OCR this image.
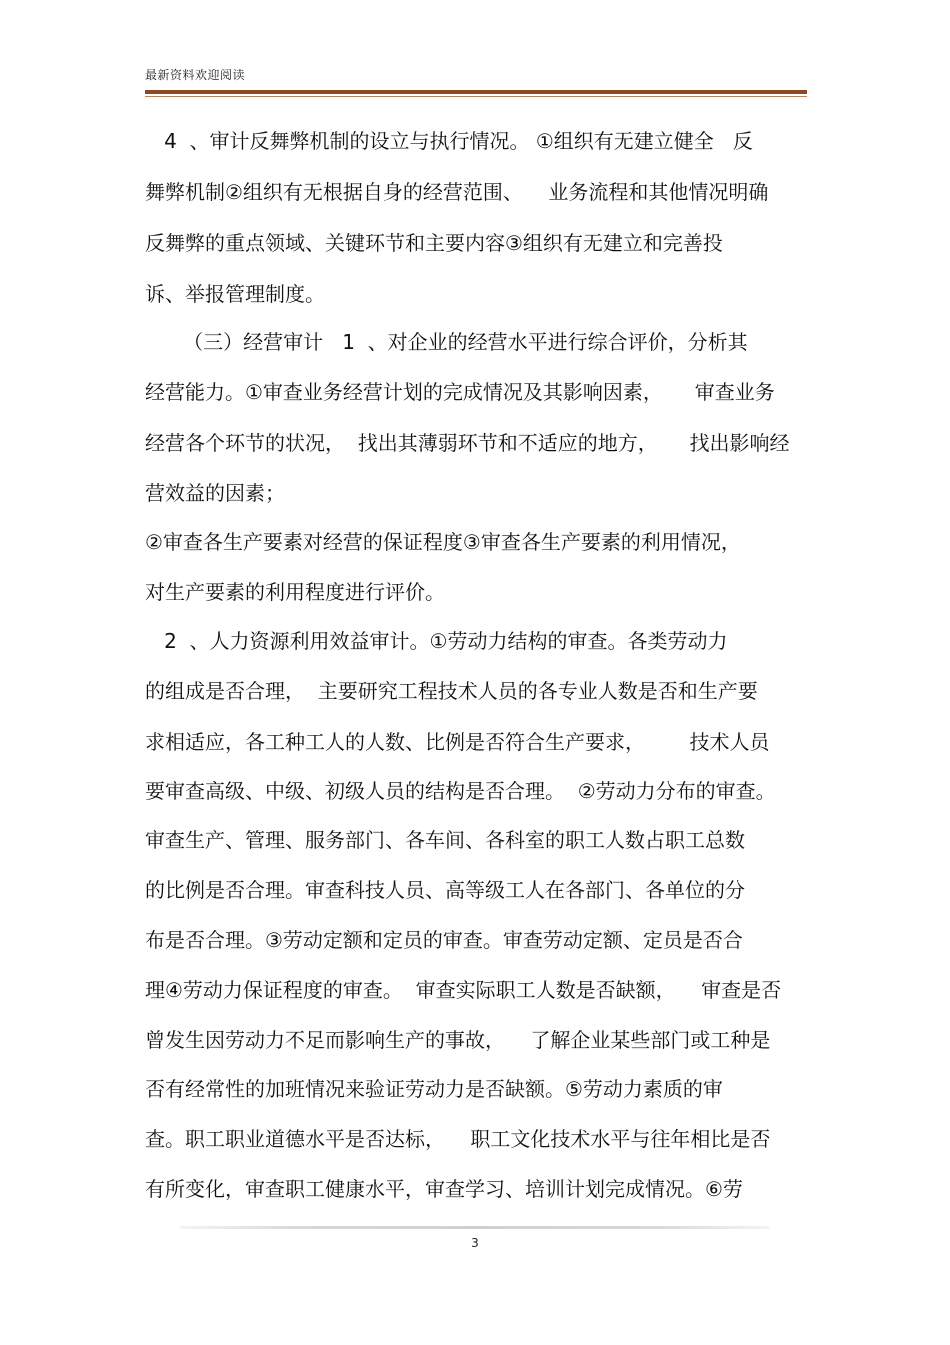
最新资料欢迎阅读
4  、审计反舞弊机制的设立与执行情况。 ①组织有无建立健全   反
舞弊机制②组织有无根据自身的经营范围、    业务流程和其他情况明确
反舞弊的重点领域、关键环节和主要内容③组织有无建立和完善投
诉、举报管理制度。
（三）经营审计   1  、对企业的经营水平进行综合评价，分析其
经营能力。①审查业务经营计划的完成情况及其影响因素，     审查业务
经营各个环节的状况，  找出其薄弱环节和不适应的地方，     找出影响经
营效益的因素；
②审查各生产要素对经营的保证程度③审查各生产要素的利用情况，
对生产要素的利用程度进行评价。
2  、人力资源利用效益审计。①劳动力结构的审查。各类劳动力
的组成是否合理，  主要研究工程技术人员的各专业人数是否和生产要
求相适应，各工种工人的人数、比例是否符合生产要求，       技术人员
要审查高级、中级、初级人员的结构是否合理。  ②劳动力分布的审查。
审查生产、管理、服务部门、各车间、各科室的职工人数占职工总数
的比例是否合理。审查科技人员、高等级工人在各部门、各单位的分
布是否合理。③劳动定额和定员的审查。审查劳动定额、定员是否合
理④劳动力保证程度的审查。  审查实际职工人数是否缺额，    审查是否
曾发生因劳动力不足而影响生产的事故，    了解企业某些部门或工种是
否有经常性的加班情况来验证劳动力是否缺额。⑤劳动力素质的审
查。职工职业道德水平是否达标，    职工文化技术水平与往年相比是否
有所变化，审查职工健康水平，审查学习、培训计划完成情况。⑥劳
3
